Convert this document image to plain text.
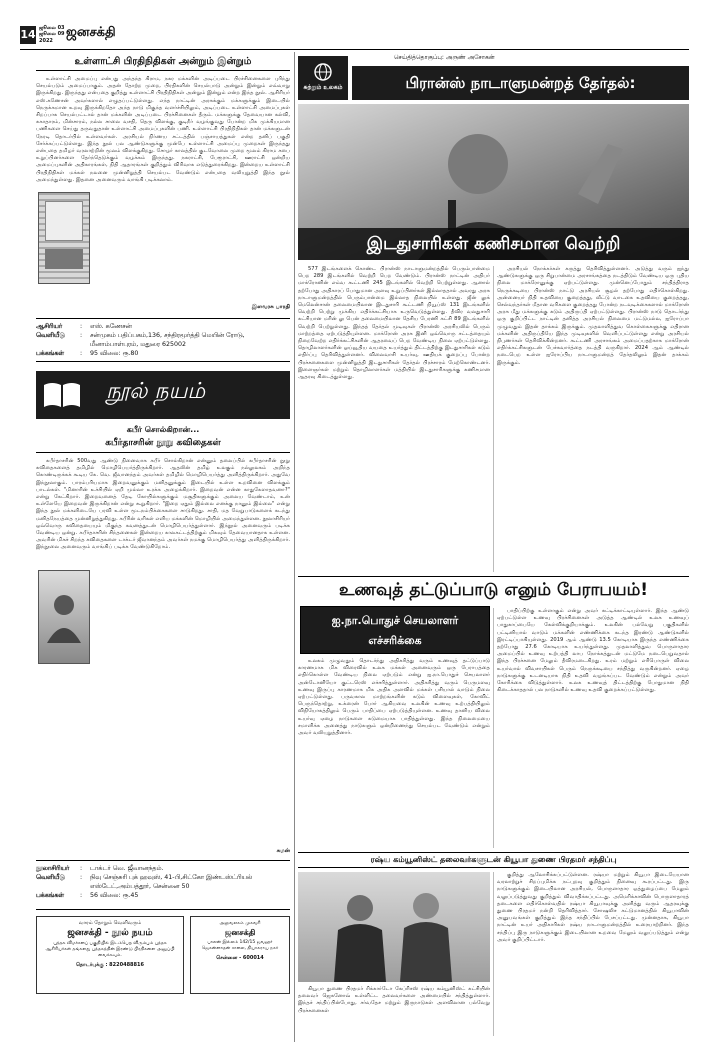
14 ஜூலை 03
ஜூலை 09
2022
ஜனசக்தி
உள்ளாட்சி பிரதிநிதிகள் அன்றும் இன்றும்

உள்ளாட்சி அமைப்பு என்பது அந்தந்த கிராம, நகர மக்களின் அடிப்படை பிரச்சினைகளை புரிந்து செயல்படும் அமைப்பாகும். அதன் தோற்ற முறை, பிரதிகளின் செயல்பாடு அன்றும் இன்றும் எவ்வாறு இருக்கிறது. இருந்தது என்பதை குறித்து உள்ளாட்சி பிரதிநிதிகள் அன்றும் இன்றும் என்ற இந்த நூல். ஆசிரியர் எஸ்.கணேசன் அவர்களால் எழுதப்பட்டுள்ளது. எந்த நாட்டின் அரசுக்கும் மக்களுக்கும் இடையில் நெருக்கமான உறவு இருக்கிறதோ அந்த நாடு மிகுந்த வளர்ச்சியிலும், அடிப்படை உள்ளாட்சி அமைப்புகள் சிறப்பாக செயல்பட்டால் தான் மக்களின் அடிப்படை பிரச்சினைகள் தீரும். மக்களுக்கு தேவையான கல்வி, சுகாதாரம், மின்சாரம், நல்ல சாலை வசதி, தெரு விளக்கு, குடிநீர் வழங்குவது போன்ற மிக முக்கியமான பணிகளை செய்து தருவதுதான் உள்ளாட்சி அமைப்புகளின் பணி. உள்ளாட்சி பிரதிநிதிகள் தான் மக்களுடன் நேரடி தொடர்பில் உள்ளவர்கள். அரசியல் நிர்ணய சட்டத்தில் பஞ்சாயத்துகள் என்ற தனிப் பகுதி சேர்க்கப்பட்டுள்ளது. இந்த நூல் பல ஆண்டுகளுக்கு முன்பே உள்ளாட்சி அமைப்பு முறைகள் இருந்தது என்பதை தமிழர் வரலாற்றின் மூலம் விளக்குகிறது. சோழர் காலத்தில் குடவோலை முறை மூலம் கிராம சபை உறுப்பினர்களை தேர்ந்தெடுக்கும் வழக்கம் இருந்தது. நகராட்சி, பேரூராட்சி, ஊராட்சி ஒன்றிய அமைப்புகளின் அதிகாரங்கள், நிதி ஆதாரங்கள் குறித்தும் விரிவாக எடுத்துரைக்கிறது. இன்றைய உள்ளாட்சி பிரதிநிதிகள் மக்கள் நலனை முன்னிறுத்தி செயல்பட வேண்டும் என்பதை வலியுறுத்தி இந்த நூல் அமைந்துள்ளது. இதனை அனைவரும் வாங்கி படிக்கலாம்.

இளவரசு பாரதி
ஆசிரியர்	:	எஸ். கணேசன்
வெளியீடு	:	சன்முகம் பதிப்பகம்,136, சந்திரமூர்த்தி மெயின் ரோடு, மீனாம்பாள்புரம், மதுரை 625002
பக்கங்கள்	:	95 விலை: ரூ.80
நூல் நயம்
கபீர் சொல்கிறான்...
கபீர்தாசரின் நூறு கவிதைகள்

கபீர்தாசரின் 500வது ஆண்டு நினைவாக கபீர் சொல்கிறான் என்னும் தலைப்பில் கபீர்தாசரின் நூறு கவிதைகளைத் தமிழில் மொழிபெயர்த்திருக்கிறார். ஆதலின் தமிழ் உலகும் நல்லுலகம் அறிந்த கொண்டிருக்கக் கூடிய கே. வெ. ஜீவானந்தம் அவர்கள் தமிழில் மொழிபெயர்த்து அளித்திருக்கிறார். அதுவே இந்நூலாகும். பாரம்பரியமாக இறைவனுக்கும் மனிதனுக்கும் இடையில் உள்ள உறவினை விளக்கும் பாடல்கள். "மினாரின் உச்சியில் ஏறி முல்லா உரக்க அழைக்கிறார். இறைவன் என்ன காதுகேளாதவனா?" என்று கேட்கிறார். இறைவனைத் தேடி கோயில்களுக்கும் மசூதிகளுக்கும் அலைய வேண்டாம், உன் உள்ளேயே இறைவன் இருக்கிறான் என்று கூறுகிறார். "இறை ஏதும் இல்லை எனக்கு நானும் இல்லை" என்று இந்த நூல் மக்களிடையே பரவி உள்ள மூடநம்பிக்கைகளை சாடுகிறது. சாதி, மத வேறுபாடுகளைக் கடந்து மனிதநேயத்தை முன்னிறுத்துகிறது. கபீரின் வரிகள் எளிய மக்களின் மொழியில் அமைந்துள்ளன. நூலாசிரியர் ஒவ்வொரு கவிதையையும் மிகுந்த கவனத்துடன் மொழிபெயர்த்துள்ளார். இந்நூல் அனைவரும் படிக்க வேண்டிய ஒன்று. கபீர்தாசரின் சிந்தனைகள் இன்றைய காலகட்டத்திற்கும் மிகவும் தேவையானதாக உள்ளன. அவரின் மிகச் சிறந்த கவிதைகளை டாக்டர் ஜீவானந்தம் அவர்கள் நமக்கு மொழிபெயர்த்து அளித்திருக்கிறார். இந்நூலை அனைவரும் வாங்கிப் படிக்க வேண்டுகிறோம்.

சுமன்
நூலாசிரியர்	:	டாக்டர் வெ. ஜீவானந்தம்.
வெளியீடு	:	நிவு செஞ்சுரி புக் ஹவுஸ், 41-பி,சிட்கோ இண்டஸ்ட்ரியல் எஸ்டேட்,அம்பத்தூர், சென்னை 50
பக்கங்கள்	:	56 விலை: ரூ.45
வாரம் தோறும் வெளிவரும்
ஜனசக்தி - நூல் நயம்
புத்தக விமர்சனப் பகுதியில் இடம்பெற விரும்பும் புத்தக ஆசிரியர்கள் தங்களது புத்தகத்தின் இரண்டு பிரதிகளை அனுப்பி வைக்கவும்.
தொடர்புக்கு : 8220488816
அலுவலகம் முகவரி
ஜனசக்தி
பாலன் இல்லம் 142/15 ஜவஹர் ஜெகன்னாதன் சாலை, தியாகராய நகர்
சென்னை - 600014
செய்தித்தொகுப்பு: அருண் அசோகன்
சுற்றும் உலகம்	பிரான்ஸ் நாடாளுமன்றத் தேர்தல்:
இடதுசாரிகள் கணிசமான வெற்றி

577 இடங்களைக் கொண்ட பிரான்ஸ் நாடாளுமன்றத்தில் பெரும்பான்மை பெற 289 இடங்களில் வெற்றி பெற வேண்டும். பிரான்ஸ் நாட்டின் அதிபர் மாக்ரோனின் எம்வ கூட்டணி 245 இடங்களில் வெற்றி பெற்றுள்ளது. ஆனால் தற்போது அதிகாரப் போதுமான அளவு உறுப்பினர்கள் இல்லாததால் அவரது அரசு நாடாளுமன்றத்தில் பெரும்பான்மை இல்லாத நிலையில் உள்ளது. ஜீன் லுக் மெலென்சான் தலைமையிலான இடதுசாரி கூட்டணி நியூப்ஸ் 131 இடங்களில் வெற்றி பெற்று முக்கிய எதிர்க்கட்சியாக உருவெடுத்துள்ளது. தீவிர வலதுசாரி கட்சியான மரின் லு பென் தலைமையிலான தேசிய பேரணி கட்சி 89 இடங்களில் வெற்றி பெற்றுள்ளது. இந்தத் தேர்தல் முடிவுகள் பிரான்ஸ் அரசியலில் பெரும் மாற்றத்தை ஏற்படுத்தியுள்ளன. மாக்ரோன் அரசு இனி ஒவ்வொரு சட்டத்தையும் நிறைவேற்ற எதிர்க்கட்சிகளின் ஆதரவைப் பெற வேண்டிய நிலை ஏற்பட்டுள்ளது. தொழிலாளர்களின் ஓய்வூதிய வயதை உயர்த்தும் திட்டத்திற்கு இடதுசாரிகள் கடும் எதிர்ப்பு தெரிவித்துள்ளனர். விலைவாசி உயர்வு, ஊதியக் குறைப்பு போன்ற பிரச்சனைகளை முன்னிறுத்தி இடதுசாரிகள் தேர்தல் பிரச்சாரம் மேற்கொண்டனர். இளைஞர்கள் மற்றும் தொழிலாளர்கள் மத்தியில் இடதுசாரிகளுக்கு கணிசமான ஆதரவு கிடைத்துள்ளது.

அரசியல் நோக்கர்கள் கருத்து தெரிவித்துள்ளனர். அடுத்து வரும் ஐந்து ஆண்டுகளுக்கு ஒரு சிறுபான்மை அரசாங்கத்தை நடத்திடும் வேண்டிய ஒரு புதிய நிலை மாக்ரோனுக்கு ஏற்பட்டுள்ளது. முன்னெப்போதும் சந்தித்திராத நெருக்கடியை பிரான்ஸ் நாட்டு அரசியல் சூழல் தற்போது எதிர்கொள்கிறது. அன்னையர் நிதி உதவியை குறைத்தது, வீட்டு வாடகை உதவியை குறைத்தது, செல்வந்தர்கள் மீதான வரிகளை குறைத்தது போன்ற நடவடிக்கைகளால் மாக்ரோன் அரசு மீது மக்களுக்கு கடும் அதிருப்தி ஏற்பட்டுள்ளது. பிரான்ஸ் நாடு தொடர்ந்து ஒரு குறிப்பிட்ட நாட்டின் தனித்த அரசியல் நிலைமை மட்டுமல்ல, ஐரோப்பா முழுவதும் இதன் தாக்கம் இருக்கும். முதலாளித்துவ கொள்கைகளுக்கு எதிரான மக்களின் அதிருப்தியே இந்த முடிவுகளில் வெளிப்பட்டுள்ளது என்று அரசியல் நிபுணர்கள் தெரிவிக்கின்றனர். கூட்டணி அரசாங்கம் அமைப்பதற்காக மாக்ரோன் எதிர்க்கட்சிகளுடன் பேச்சுவார்த்தை நடத்தி வருகிறார். 2024 ஆம் ஆண்டில் நடைபெற உள்ள ஐரோப்பிய நாடாளுமன்றத் தேர்தலிலும் இதன் தாக்கம் இருக்கும்.

உணவுத் தட்டுப்பாடு எனும் பேராபயம்!
ஐ.நா.பொதுச் செயலாளர் எச்சரிக்கை

உலகம் முழுவதும் தொடர்ந்து அதிகரித்து வரும் உணவுத் தட்டுப்பாடு காரணமாக மிக விரைவில் உலக மக்கள் அனைவரும் ஒரு பேராபத்தை எதிர்கொள்ள வேண்டிய நிலை ஏற்படும் என்று ஐ.நா.பொதுச் செயலாளர் அன்டோனியோ குட்டரெஸ் எச்சரித்துள்ளார். அதிகரித்து வரும் பெருமளவு உணவு இருப்பு காரணமாக மிக அதிக அளவில் மக்கள் பசியால் வாடும் நிலை ஏற்பட்டுள்ளது. பருவகால மாற்றங்களின் கடும் விளைவுகள், கோவிட் பெருந்தொற்று, உக்ரைன் போர் ஆகியவை உலகின் உணவு உற்பத்தியிலும் விநியோகத்திலும் பெரும் பாதிப்பை ஏற்படுத்தியுள்ளன. உணவு தானிய விலை உயர்வு ஏழை நாடுகளை கடுமையாக பாதித்துள்ளது. இந்த நிலைமையை சமாளிக்க அனைத்து நாடுகளும் ஒன்றிணைந்து செயல்பட வேண்டும் என்றும் அவர் வலியுறுத்தினார்.

பாதிப்பிற்கு உள்ளாகும் என்று அவர் சுட்டிக்காட்டியுள்ளார். இந்த ஆண்டு ஏற்பட்டுள்ள உணவு பிரச்சினைகள் அடுத்த ஆண்டில் உலக உணவுப் பாதுகாப்பையே கேள்விக்குறியாக்கும். உலகின் பல்வேறு பகுதிகளில் பட்டினியால் வாடும் மக்களின் எண்ணிக்கை கடந்த இரண்டு ஆண்டுகளில் இரட்டிப்பாகியுள்ளது. 2019 ஆம் ஆண்டு 13.5 கோடியாக இருந்த எண்ணிக்கை தற்போது 27.6 கோடியாக உயர்ந்துள்ளது. முதலாளித்துவ பொருளாதார அமைப்பில் உணவு உற்பத்தி லாப நோக்கத்துடன் மட்டுமே நடைபெறுவதால் இந்த பிரச்சனை மேலும் தீவிரமடைகிறது. உரம் மற்றும் எரிபொருள் விலை உயர்வால் விவசாயிகள் பெரும் நெருக்கடியை சந்தித்து வருகின்றனர். ஏழை நாடுகளுக்கு உடனடியாக நிதி உதவி வழங்கப்பட வேண்டும் என்றும் அவர் கோரிக்கை விடுத்துள்ளார். உலக உணவுத் திட்டத்திற்கு போதுமான நிதி கிடைக்காததால் பல நாடுகளில் உணவு உதவி குறைக்கப்பட்டுள்ளது.

ரஷ்ய கம்யூனிஸ்ட் தலைவர்களுடன் கியூபா துணை பிரதமர் சந்திப்பு

கியூபா துணை பிரதமர் ரிக்கார்டோ கேப்ரிசஸ் ரஷ்ய கம்யூனிஸ்ட் கட்சியின் தலைவர் ஜெகனோவ் உள்ளிட்ட தலைவர்களை அண்மையில் சந்தித்துள்ளார். இந்தச் சந்திப்பின்போது, சர்வதேச மற்றும் இருநாடுகள் அளவிலான பல்வேறு பிரச்சனைகள்

குறித்து ஆலோசிக்கப்பட்டுள்ளன. ரஷ்யா மற்றும் கியூபா இடையேயான வரலாற்றுச் சிறப்புமிக்க நட்புறவு குறித்தும் நினைவு கூரப்பட்டது. இரு நாடுகளுக்கும் இடையிலான அரசியல், பொருளாதார ஒத்துழைப்பை மேலும் வலுப்படுத்துவது குறித்தும் விவாதிக்கப்பட்டது. அமெரிக்காவின் பொருளாதாரத் தடைகளை எதிர்கொள்வதில் ரஷ்யா கியூபாவுக்கு அளித்து வரும் ஆதரவுக்கு துணை பிரதமர் நன்றி தெரிவித்தார். சோஷலிச கட்டுமானத்தில் கியூபாவின் அனுபவங்கள் குறித்தும் இந்த சந்திப்பில் பேசப்பட்டது. முன்னதாக, கியூபா நாட்டின் உயர் அதிகாரிகள் ரஷ்ய நாடாளுமன்றத்தில் உரையாற்றினர். இந்த சந்திப்பு இரு நாடுகளுக்கும் இடையிலான உறவை மேலும் வலுப்படுத்தும் என்று அவர் குறிப்பிட்டார்.
